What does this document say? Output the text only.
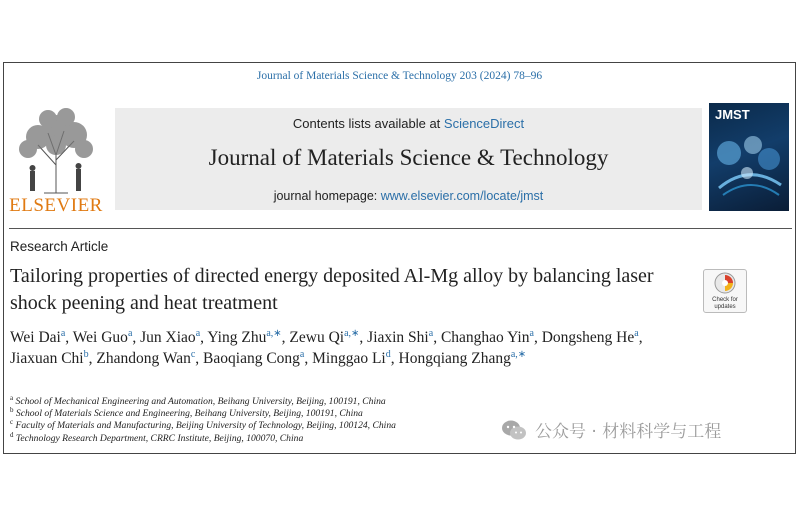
Journal of Materials Science & Technology 203 (2024) 78–96
ELSEVIER
Contents lists available at ScienceDirect
Journal of Materials Science & Technology
journal homepage: www.elsevier.com/locate/jmst
JMST
Research Article
Tailoring properties of directed energy deposited Al-Mg alloy by balancing laser shock peening and heat treatment	Check for
updates
Wei Dai$^a$, Wei Guo$^a$, Jun Xiao$^a$, Ying Zhu$^{a,∗}$, Zewu $Qi^{a,∗}$, Jiaxin Shi$^a$, Changhao Yin$^a$, Dongsheng He$^a$, Jiaxuan Chi$^b$, Zhandong Wan$^c$, Baoqiang Cong$^a$, Minggao Li$^d$, Hongqiang Zhang$^{a,∗}$
$^a$ School of Mechanical Engineering and Automation, Beihang University, Beijing, 100191, China
$^b$ School of Materials Science and Engineering, Beihang University, Beijing, 100191, China
$^c$ Faculty of Materials and Manufacturing, Beijing University of Technology, Beijing, 100124, China
$^d$ Technology Research Department, CRRC Institute, Beijing, 100070, China	公众号 · 材料科学与工程
